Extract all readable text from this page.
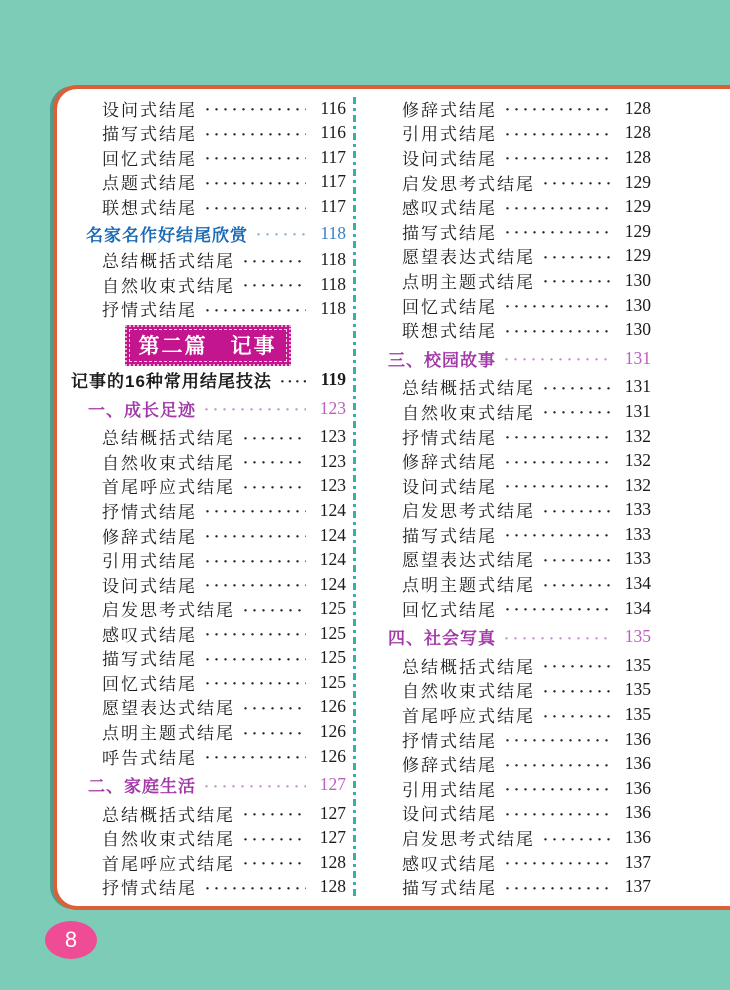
设问式结尾 ·····	116
描写式结尾 ·····	116
回忆式结尾 ·····	117
点题式结尾 ·····	117
联想式结尾 ·····	117
名家名作好结尾欣赏 ·····	118
总结概括式结尾 ·····	118
自然收束式结尾 ·····	118
抒情式结尾 ·····	118
第二篇　记事
记事的16种常用结尾技法 ·····	119
一、成长足迹 ·····	123
总结概括式结尾 ·····	123
自然收束式结尾 ·····	123
首尾呼应式结尾 ·····	123
抒情式结尾 ·····	124
修辞式结尾 ·····	124
引用式结尾 ·····	124
设问式结尾 ·····	124
启发思考式结尾 ·····	125
感叹式结尾 ·····	125
描写式结尾 ·····	125
回忆式结尾 ·····	125
愿望表达式结尾 ·····	126
点明主题式结尾 ·····	126
呼告式结尾 ·····	126
二、家庭生活 ·····	127
总结概括式结尾 ·····	127
自然收束式结尾 ·····	127
首尾呼应式结尾 ·····	128
抒情式结尾 ·····	128
修辞式结尾 ·····	128
引用式结尾 ·····	128
设问式结尾 ·····	128
启发思考式结尾 ·····	129
感叹式结尾 ·····	129
描写式结尾 ·····	129
愿望表达式结尾 ·····	129
点明主题式结尾 ·····	130
回忆式结尾 ·····	130
联想式结尾 ·····	130
三、校园故事 ·····	131
总结概括式结尾 ·····	131
自然收束式结尾 ·····	131
抒情式结尾 ·····	132
修辞式结尾 ·····	132
设问式结尾 ·····	132
启发思考式结尾 ·····	133
描写式结尾 ·····	133
愿望表达式结尾 ·····	133
点明主题式结尾 ·····	134
回忆式结尾 ·····	134
四、社会写真 ·····	135
总结概括式结尾 ·····	135
自然收束式结尾 ·····	135
首尾呼应式结尾 ·····	135
抒情式结尾 ·····	136
修辞式结尾 ·····	136
引用式结尾 ·····	136
设问式结尾 ·····	136
启发思考式结尾 ·····	136
感叹式结尾 ·····	137
描写式结尾 ·····	137
8
